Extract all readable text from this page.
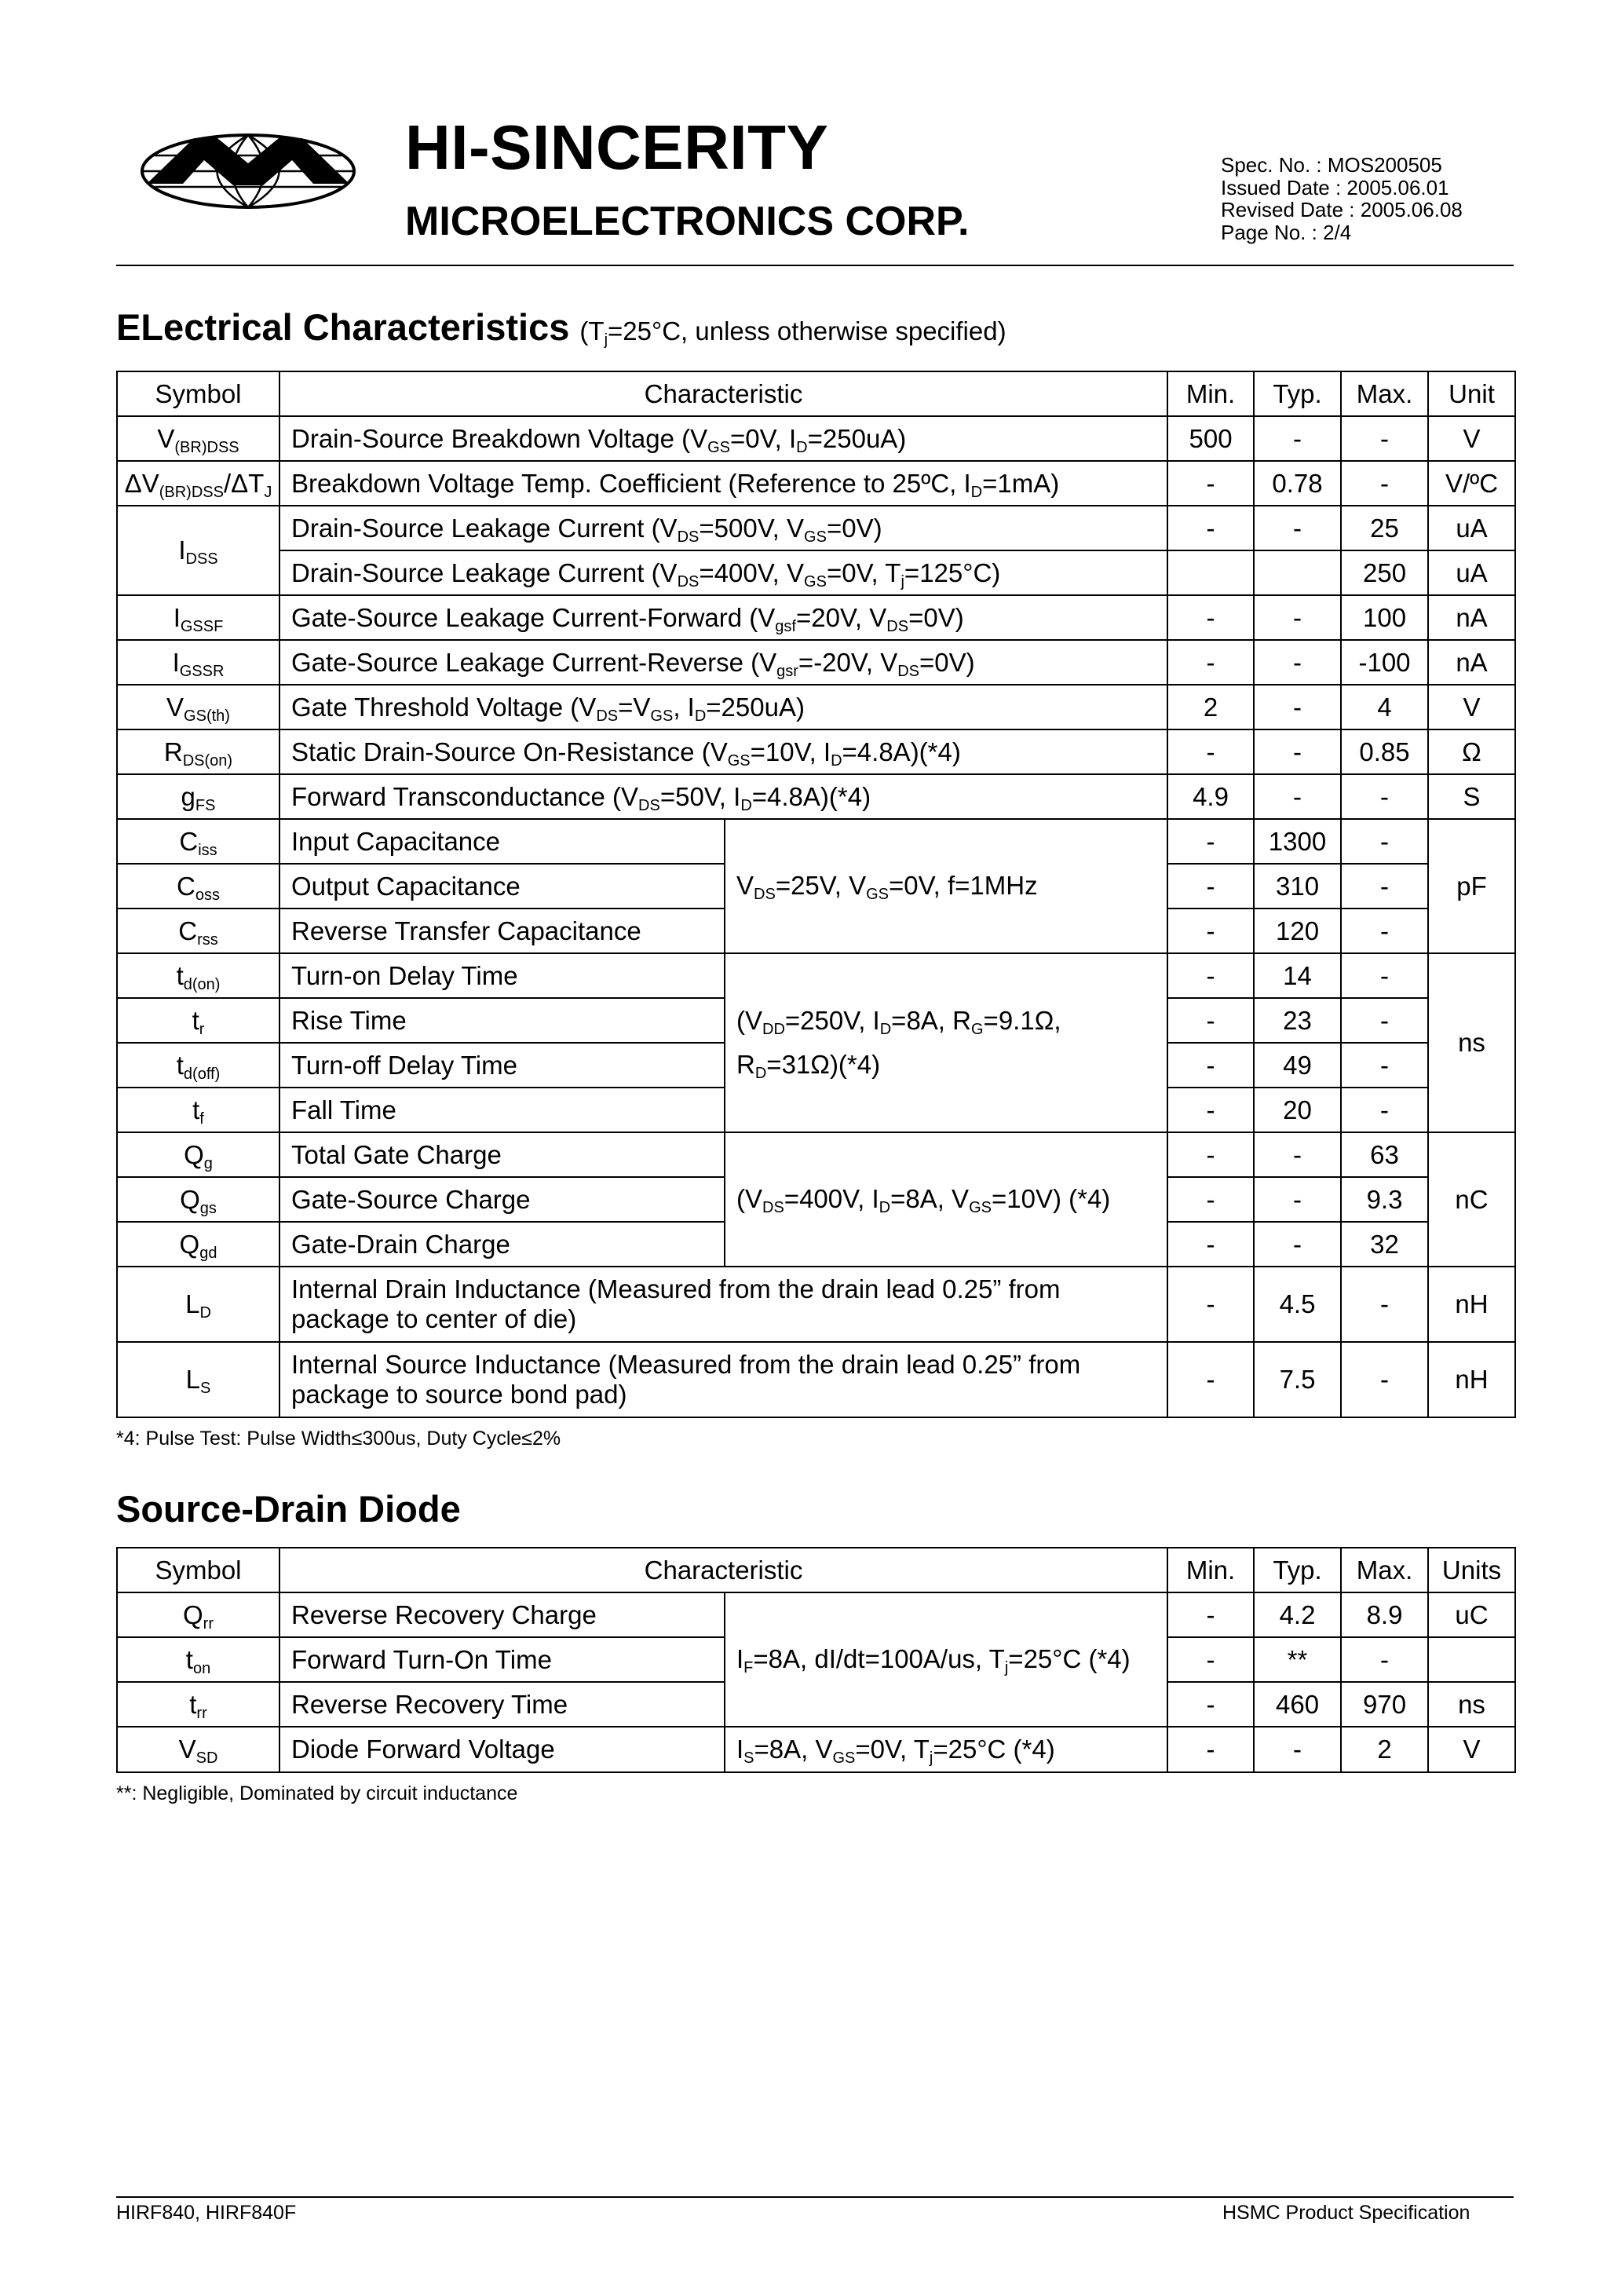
HI-SINCERITY
MICROELECTRONICS CORP.
Spec. No. : MOS200505
Issued Date : 2005.06.01
Revised Date : 2005.06.08
Page No. : 2/4
ELectrical Characteristics ($T_j=25^\circ C$, unless otherwise specified)
Symbol	Characteristic		Min.	Typ.	Max.	Unit
$V_{(BR)DSS}$	Drain-Source Breakdown Voltage ($V_{GS}=0V$, $I_D=250uA$)		500	-	-	V
$\Delta V_{(BR)DSS}/\Delta T_J$	Breakdown Voltage Temp. Coefficient (Reference to 25ºC, $I_D=1mA$)		-	0.78	-	V/ºC
$I_{DSS}$	Drain-Source Leakage Current ($V_{DS}=500V$, $V_{GS}=0V$)		-	-	25	uA
	Drain-Source Leakage Current ($V_{DS}=400V$, $V_{GS}=0V$, $T_j=125^\circ C$)				250	uA
$I_{GSSF}$	Gate-Source Leakage Current-Forward ($V_{gsf}=20V$, $V_{DS}=0V$)		-	-	100	nA
$I_{GSSR}$	Gate-Source Leakage Current-Reverse ($V_{gsr}=-20V$, $V_{DS}=0V$)		-	-	-100	nA
$V_{GS(th)}$	Gate Threshold Voltage ($V_{DS}=V_{GS}$, $I_D=250uA$)		2	-	4	V
$R_{DS(on)}$	Static Drain-Source On-Resistance ($V_{GS}=10V$, $I_D=4.8A)(*4)$		-	-	0.85	Ω
$g_{FS}$	Forward Transconductance ($V_{DS}=50V$, $I_D=4.8A)(*4)$		4.9	-	-	S
$C_{iss}$	Input Capacitance	$V_{DS}=25V$, $V_{GS}=0V$, f=1MHz	-	1300	-	pF
$C_{oss}$	Output Capacitance		-	310	-	
$C_{rss}$	Reverse Transfer Capacitance		-	120	-	
$t_{d(on)}$	Turn-on Delay Time	($V_{DD}=250V$, $I_D=8A$, $R_G=9.1\Omega$, $R_D=31\Omega)(*4)$	-	14	-	ns
$t_r$	Rise Time		-	23	-	
$t_{d(off)}$	Turn-off Delay Time		-	49	-	
$t_f$	Fall Time		-	20	-	
$Q_g$	Total Gate Charge	($V_{DS}=400V$, $I_D=8A$, $V_{GS}=10V$) (*4)	-	-	63	nC
$Q_{gs}$	Gate-Source Charge		-	-	9.3	
$Q_{gd}$	Gate-Drain Charge		-	-	32	
$L_D$	Internal Drain Inductance (Measured from the drain lead 0.25” from package to center of die)		-	4.5	-	nH
$L_S$	Internal Source Inductance (Measured from the drain lead 0.25” from package to source bond pad)		-	7.5	-	nH
*4: Pulse Test: Pulse Width≤300us, Duty Cycle≤2%
Source-Drain Diode
Symbol	Characteristic		Min.	Typ.	Max.	Units
$Q_{rr}$	Reverse Recovery Charge	$I_F=8A$, dI/dt=100A/us, $T_j=25^\circ C$ (*4)	-	4.2	8.9	uC
$t_{on}$	Forward Turn-On Time		-	**	-	
$t_{rr}$	Reverse Recovery Time		-	460	970	ns
$V_{SD}$	Diode Forward Voltage	$I_S=8A$, $V_{GS}=0V$, $T_j=25^\circ C$ (*4)	-	-	2	V
**: Negligible, Dominated by circuit inductance
HIRF840, HIRF840F	HSMC Product Specification
